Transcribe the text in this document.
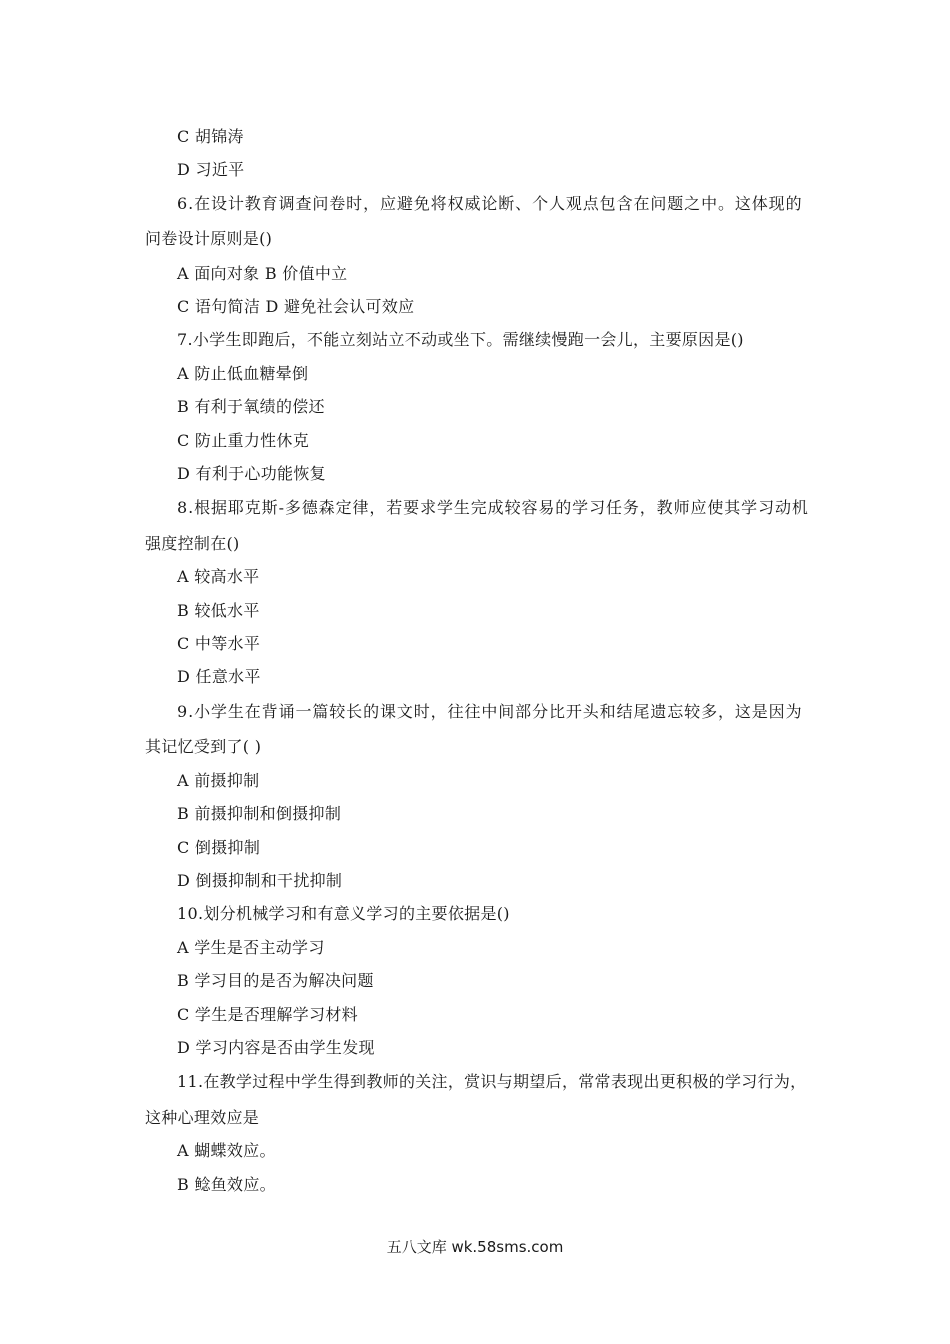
C 胡锦涛
D 习近平
6.在设计教育调查问卷时，应避免将权威论断、个人观点包含在问题之中。这体现的
问卷设计原则是()
A 面向对象 B 价值中立
C 语句简洁 D 避免社会认可效应
7.小学生即跑后，不能立刻站立不动或坐下。需继续慢跑一会儿，主要原因是()
A 防止低血糖晕倒
B 有利于氧绩的偿还
C 防止重力性休克
D 有利于心功能恢复
8.根据耶克斯-多德森定律，若要求学生完成较容易的学习任务，教师应使其学习动机
强度控制在()
A 较高水平
B 较低水平
C 中等水平
D 任意水平
9.小学生在背诵一篇较长的课文时，往往中间部分比开头和结尾遗忘较多，这是因为
其记忆受到了( )
A 前摄抑制
B 前摄抑制和倒摄抑制
C 倒摄抑制
D 倒摄抑制和干扰抑制
10.划分机械学习和有意义学习的主要依据是()
A 学生是否主动学习
B 学习目的是否为解决问题
C 学生是否理解学习材料
D 学习内容是否由学生发现
11.在教学过程中学生得到教师的关注，赏识与期望后，常常表现出更积极的学习行为，
这种心理效应是
A 蝴蝶效应。
B 鲶鱼效应。
五八文库 wk.58sms.com
